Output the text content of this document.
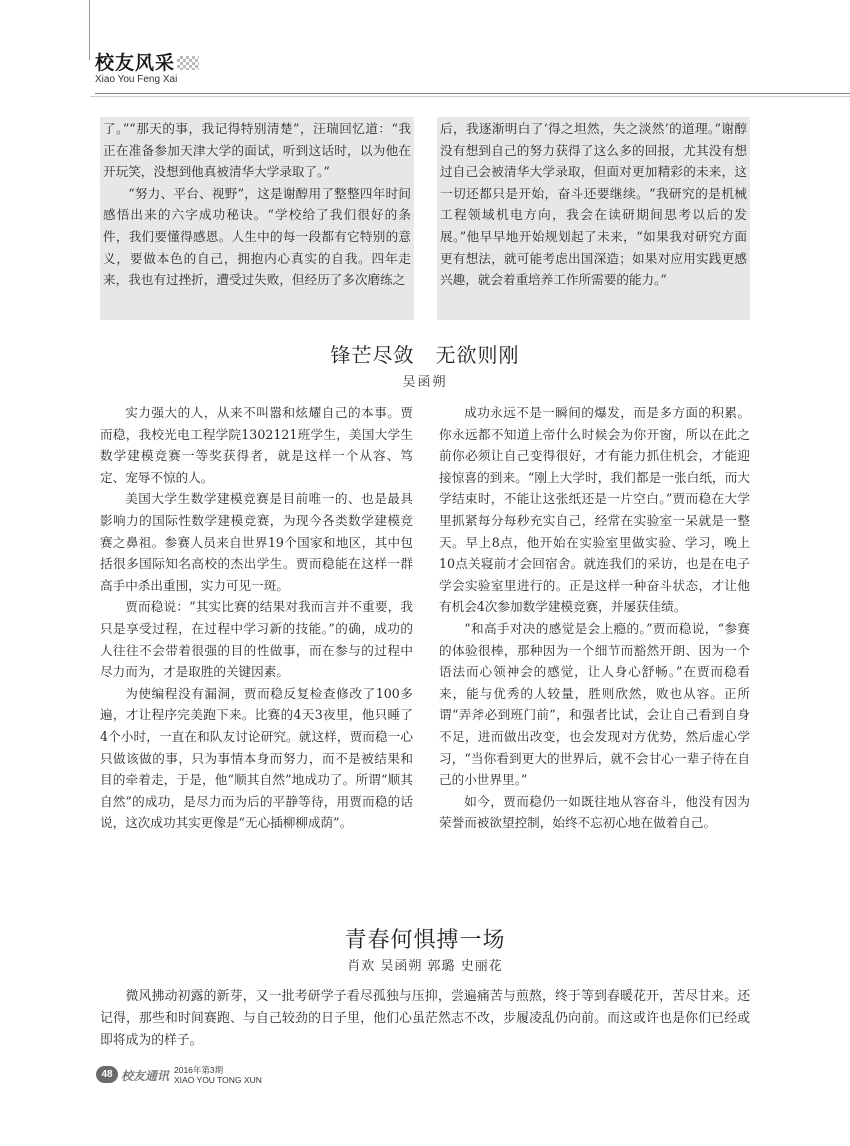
校友风采
Xiao You Feng Xai

了。”“那天的事，我记得特别清楚”，汪瑞回忆道：“我正在准备参加天津大学的面试，听到这话时，以为他在开玩笑，没想到他真被清华大学录取了。”

“努力、平台、视野”，这是谢醇用了整整四年时间感悟出来的六字成功秘诀。“学校给了我们很好的条件，我们要懂得感恩。人生中的每一段都有它特别的意义，要做本色的自己，拥抱内心真实的自我。四年走来，我也有过挫折，遭受过失败，但经历了多次磨练之

后，我逐渐明白了‘得之坦然，失之淡然’的道理。”谢醇没有想到自己的努力获得了这么多的回报，尤其没有想过自己会被清华大学录取，但面对更加精彩的未来，这一切还都只是开始，奋斗还要继续。“我研究的是机械工程领域机电方向，我会在读研期间思考以后的发展。”他早早地开始规划起了未来，“如果我对研究方面更有想法，就可能考虑出国深造；如果对应用实践更感兴趣，就会着重培养工作所需要的能力。”

锋芒尽敛　无欲则刚
吴函朔

实力强大的人，从来不叫嚣和炫耀自己的本事。贾而稳，我校光电工程学院1302121班学生，美国大学生数学建模竞赛一等奖获得者，就是这样一个从容、笃定、宠辱不惊的人。

美国大学生数学建模竞赛是目前唯一的、也是最具影响力的国际性数学建模竞赛，为现今各类数学建模竞赛之鼻祖。参赛人员来自世界19个国家和地区，其中包括很多国际知名高校的杰出学生。贾而稳能在这样一群高手中杀出重围，实力可见一斑。

贾而稳说：“其实比赛的结果对我而言并不重要，我只是享受过程，在过程中学习新的技能。”的确，成功的人往往不会带着很强的目的性做事，而在参与的过程中尽力而为，才是取胜的关键因素。

为使编程没有漏洞，贾而稳反复检查修改了100多遍，才让程序完美跑下来。比赛的4天3夜里，他只睡了4个小时，一直在和队友讨论研究。就这样，贾而稳一心只做该做的事，只为事情本身而努力，而不是被结果和目的牵着走，于是，他“顺其自然”地成功了。所谓“顺其自然”的成功，是尽力而为后的平静等待，用贾而稳的话说，这次成功其实更像是“无心插柳柳成荫”。

成功永远不是一瞬间的爆发，而是多方面的积累。你永远都不知道上帝什么时候会为你开窗，所以在此之前你必须让自己变得很好，才有能力抓住机会，才能迎接惊喜的到来。“刚上大学时，我们都是一张白纸，而大学结束时，不能让这张纸还是一片空白。”贾而稳在大学里抓紧每分每秒充实自己，经常在实验室一呆就是一整天。早上8点，他开始在实验室里做实验、学习，晚上10点关寝前才会回宿舍。就连我们的采访，也是在电子学会实验室里进行的。正是这样一种奋斗状态，才让他有机会4次参加数学建模竞赛，并屡获佳绩。

“和高手对决的感觉是会上瘾的。”贾而稳说，“参赛的体验很棒，那种因为一个细节而豁然开朗、因为一个语法而心领神会的感觉，让人身心舒畅。”在贾而稳看来，能与优秀的人较量，胜则欣然，败也从容。正所谓“弄斧必到班门前”，和强者比试，会让自己看到自身不足，进而做出改变，也会发现对方优势，然后虚心学习，“当你看到更大的世界后，就不会甘心一辈子待在自己的小世界里。”

如今，贾而稳仍一如既往地从容奋斗，他没有因为荣誉而被欲望控制，始终不忘初心地在做着自己。

青春何惧搏一场
肖欢 吴函朔 郭璐 史丽花

微风拂动初露的新芽，又一批考研学子看尽孤独与压抑，尝遍痛苦与煎熬，终于等到春暖花开，苦尽甘来。还记得，那些和时间赛跑、与自己较劲的日子里，他们心虽茫然志不改，步履凌乱仍向前。而这或许也是你们已经或即将成为的样子。

48 校友通讯 2016年第3期
XIAO YOU TONG XUN
